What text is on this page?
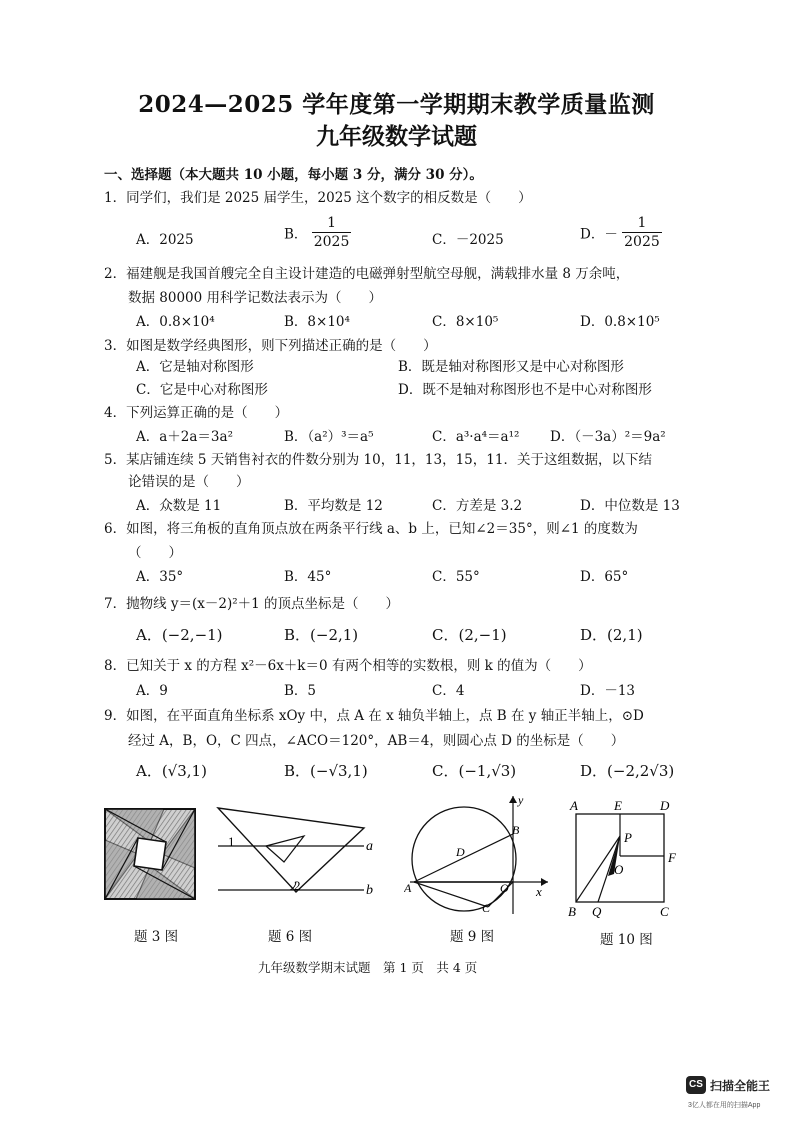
2024—2025 学年度第一学期期末教学质量监测
九年级数学试题
一、选择题（本大题共 10 小题，每小题 3 分，满分 30 分）。
1．同学们，我们是 2025 届学生，2025 这个数字的相反数是（　　）
A．2025	B． $\frac{1}{2025}$	C．－2025	D．－ $\frac{1}{2025}$
2．福建舰是我国首艘完全自主设计建造的电磁弹射型航空母舰，满载排水量 8 万余吨，
数据 80000 用科学记数法表示为（　　）
A．0.8×10⁴	B．8×10⁴	C．8×10⁵	D．0.8×10⁵
3．如图是数学经典图形，则下列描述正确的是（　　）
A．它是轴对称图形	B．既是轴对称图形又是中心对称图形
C．它是中心对称图形	D．既不是轴对称图形也不是中心对称图形
4．下列运算正确的是（　　）
A．a＋2a＝3a²	B．（a²）³＝a⁵	C．a³·a⁴＝a¹² D．（－3a）²＝9a²
5．某店铺连续 5 天销售衬衣的件数分别为 10，11，13，15，11．关于这组数据，以下结
论错误的是（　　）
A．众数是 11	B．平均数是 12	C．方差是 3.2	D．中位数是 13
6．如图，将三角板的直角顶点放在两条平行线 a、b 上，已知∠2＝35°，则∠1 的度数为
（　　）
A．35°	B．45°	C．55°	D．65°
7．抛物线 y＝(x－2)²＋1 的顶点坐标是（　　）
A．(−2,−1)	B．(−2,1)	C．(2,−1)	D．(2,1)
8．已知关于 x 的方程 x²－6x＋k＝0 有两个相等的实数根，则 k 的值为（　　）
A．9	B．5	C．4	D．－13
9．如图，在平面直角坐标系 xOy 中，点 A 在 x 轴负半轴上，点 B 在 y 轴正半轴上，⊙D
经过 A，B，O，C 四点，∠ACO＝120°，AB＝4，则圆心点 D 的坐标是（　　）
A．(√3,1)	B．(−√3,1)	C．(−1,√3)	D．(−2,2√3)
题 3 图
1
2
a
b
题 6 图
y
x
A
B
C
D
O
题 9 图
A	E	D
P
O
F
B Q	C
题 10 图
九年级数学期末试题　第 1 页　共 4 页
CS 扫描全能王
3亿人都在用的扫描App
